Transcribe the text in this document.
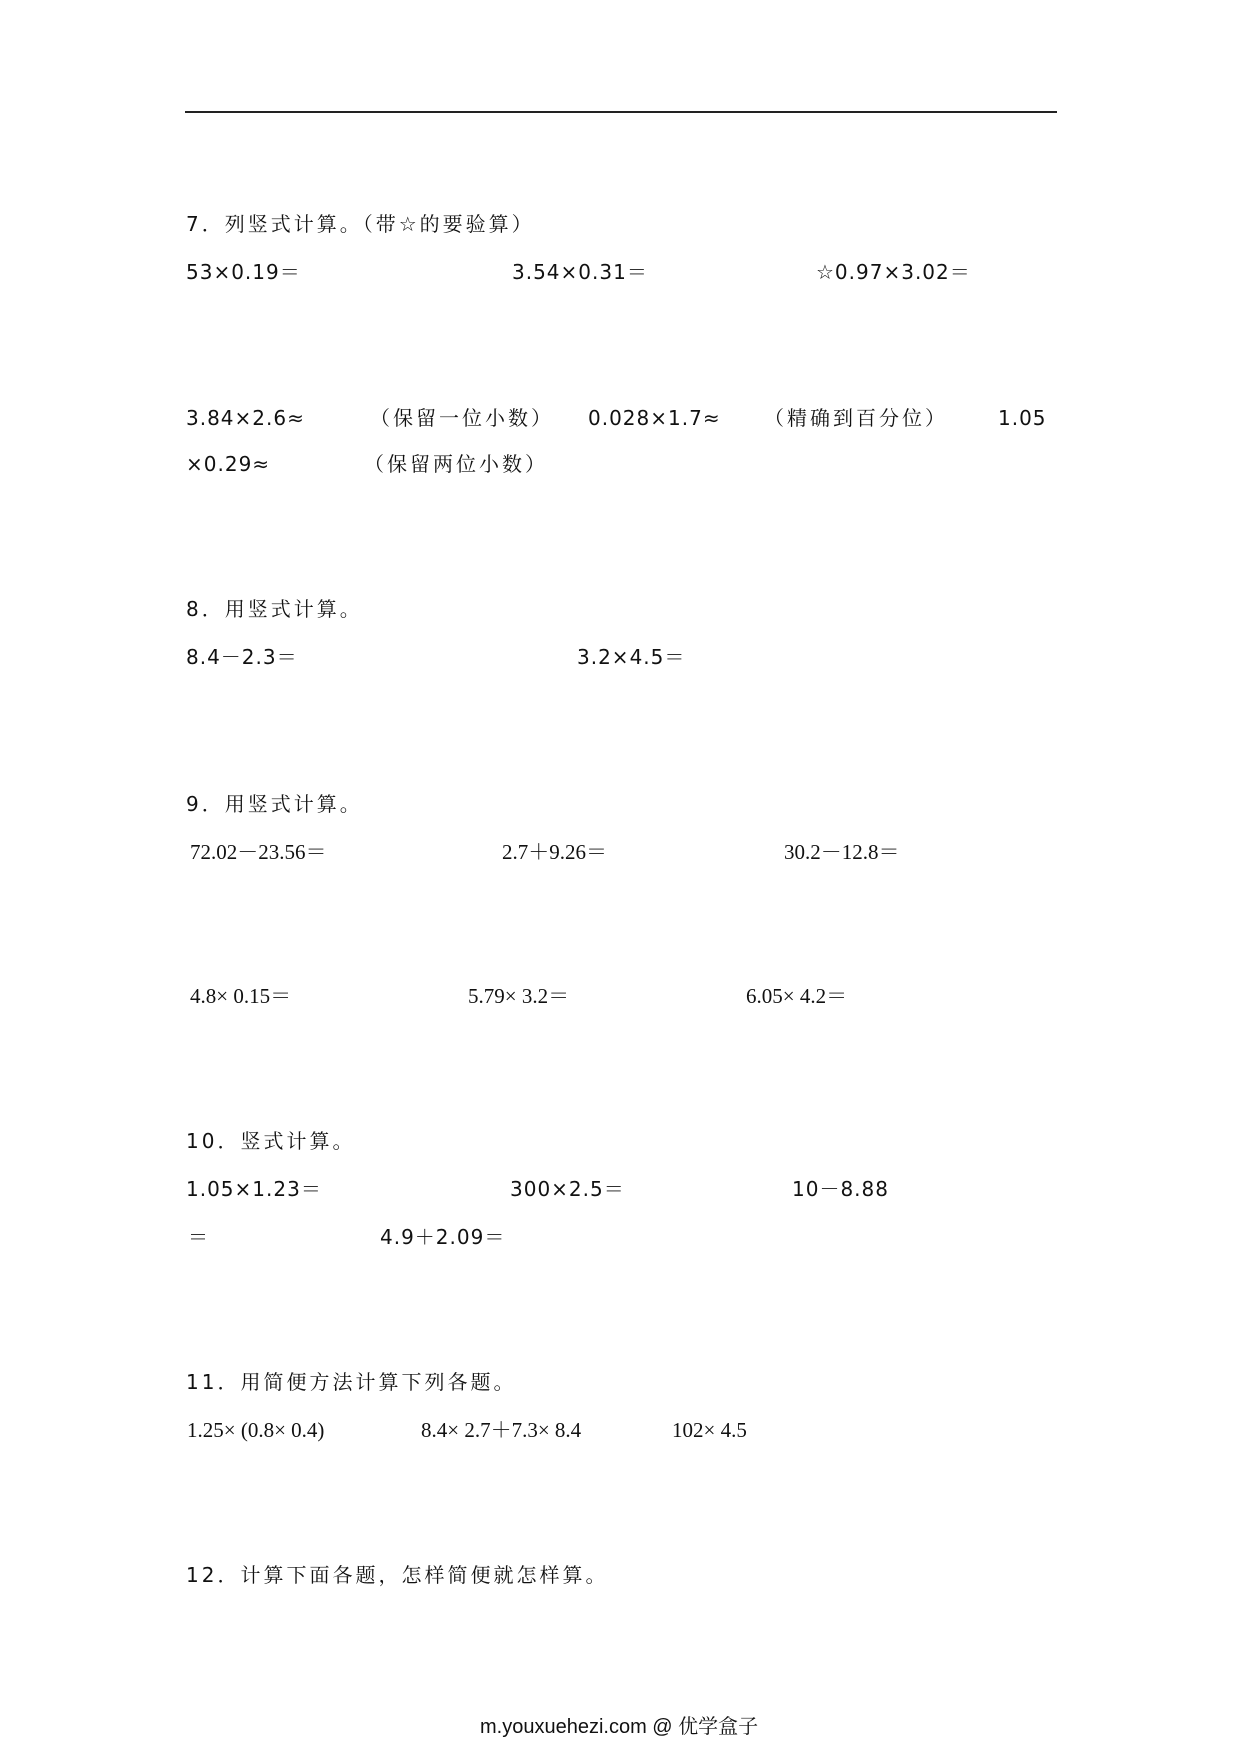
7．列竖式计算。（带☆的要验算）
53×0.19＝	3.54×0.31＝	☆0.97×3.02＝
3.84×2.6≈	（保留一位小数） 0.028×1.7≈ （精确到百分位）	1.05
×0.29≈	（保留两位小数）
8．用竖式计算。
8.4－2.3＝	3.2×4.5＝
9．用竖式计算。
72.02－23.56＝	2.7＋9.26＝	30.2－12.8＝
4.8× 0.15＝	5.79× 3.2＝	6.05× 4.2＝
10．竖式计算。
1.05×1.23＝	300×2.5＝	10－8.88
＝	4.9＋2.09＝
11．用简便方法计算下列各题。
1.25× (0.8× 0.4)	8.4× 2.7＋7.3× 8.4	102× 4.5
12．计算下面各题，怎样简便就怎样算。
m.youxuehezi.com @ 优学盒子
